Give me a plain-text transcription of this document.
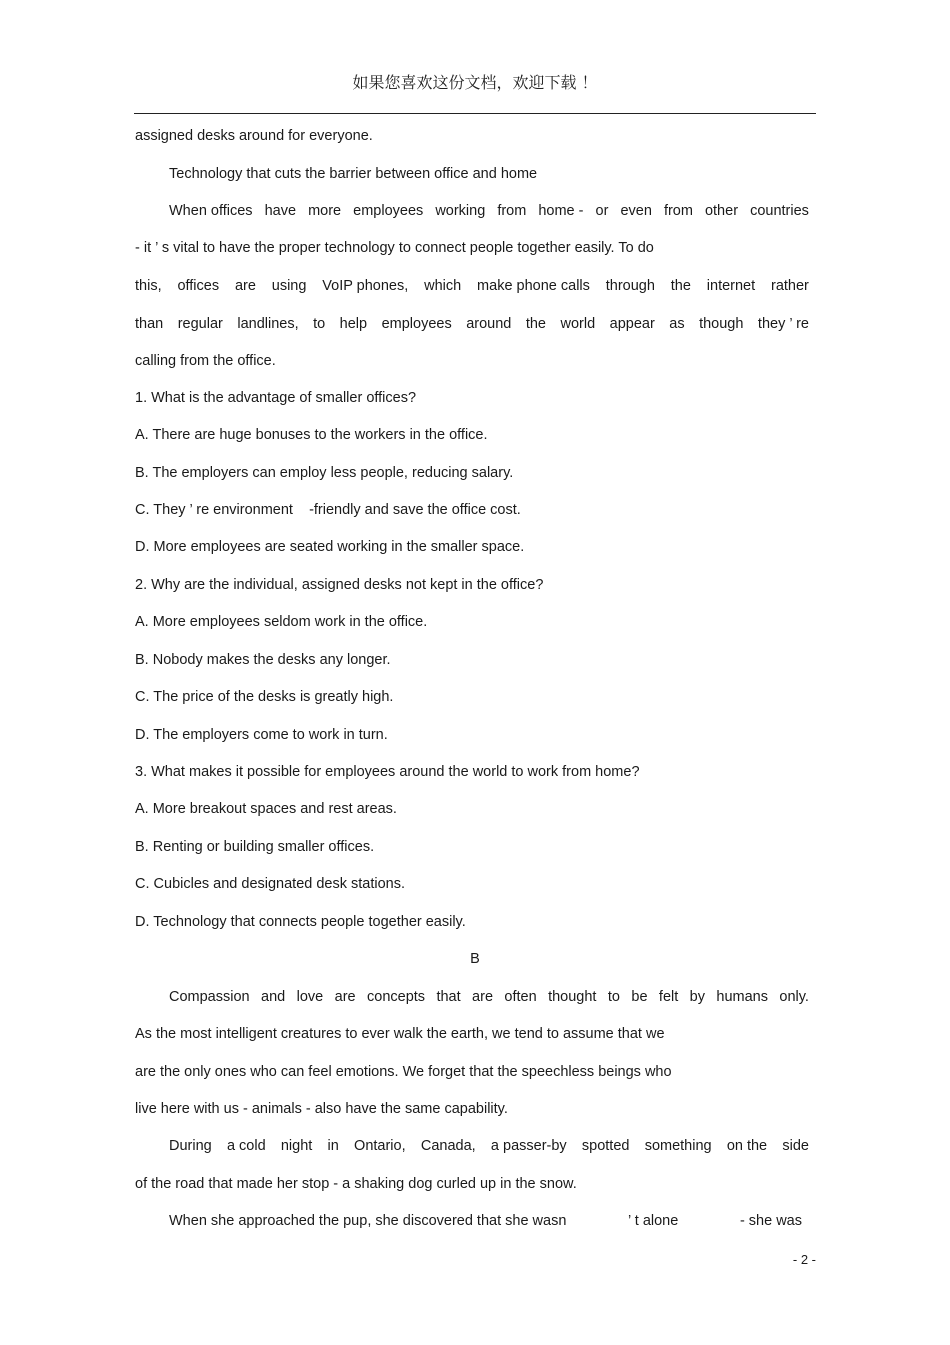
如果您喜欢这份文档，欢迎下载 ！
assigned desks around for everyone.
Technology that cuts the barrier between office and home
When offices have more employees working from home - or even from other countries
- it ’ s vital to have the proper technology to connect people together easily. To do
this, offices are using VoIP phones, which make phone calls through the internet rather
than regular landlines, to help employees around the world appear as though they ’ re
calling from the office.
1. What is the advantage of smaller offices?
A. There are huge bonuses to the workers in the office.
B. The employers can employ less people, reducing salary.
C. They ’ re environment    -friendly and save the office cost.
D. More employees are seated working in the smaller space.
2. Why are the individual, assigned desks not kept in the office?
A. More employees seldom work in the office.
B. Nobody makes the desks any longer.
C. The price of the desks is greatly high.
D. The employers come to work in turn.
3. What makes it possible for employees around the world to work from home?
A. More breakout spaces and rest areas.
B. Renting or building smaller offices.
C. Cubicles and designated desk stations.
D. Technology that connects people together easily.
B
Compassion and love are concepts that are often thought to be felt by humans only.
As the most intelligent creatures to ever walk the earth, we tend to assume that we
are the only ones who can feel emotions. We forget that the speechless beings who
live here with us - animals - also have the same capability.
During a cold night in Ontario, Canada, a passer-by spotted something on the side
of the road that made her stop - a shaking dog curled up in the snow.
When she approached the pup, she discovered that she wasn	’ t alone	- she was
- 2 -
